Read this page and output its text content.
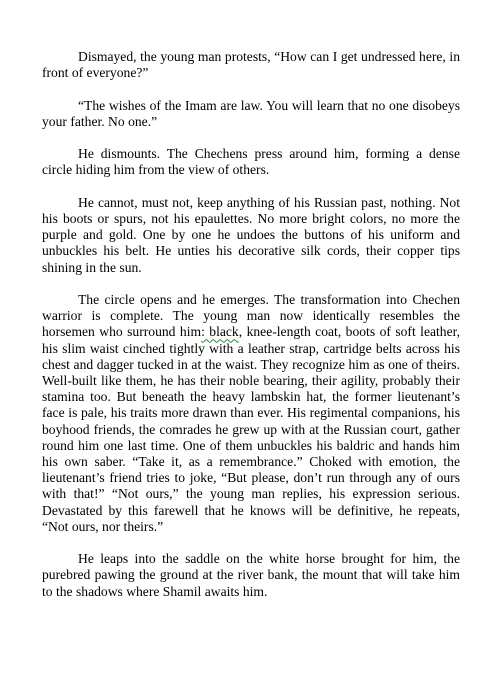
Dismayed, the young man protests, “How can I get undressed here, in front of everyone?”

“The wishes of the Imam are law. You will learn that no one disobeys your father. No one.”

He dismounts. The Chechens press around him, forming a dense circle hiding him from the view of others.

He cannot, must not, keep anything of his Russian past, nothing. Not his boots or spurs, not his epaulettes. No more bright colors, no more the purple and gold. One by one he undoes the buttons of his uniform and unbuckles his belt. He unties his decorative silk cords, their copper tips shining in the sun.

The circle opens and he emerges. The transformation into Chechen warrior is complete. The young man now identically resembles the horsemen who surround him: black, knee-length coat, boots of soft leather, his slim waist cinched tightly with a leather strap, cartridge belts across his chest and dagger tucked in at the waist. They recognize him as one of theirs. Well-built like them, he has their noble bearing, their agility, probably their stamina too. But beneath the heavy lambskin hat, the former lieutenant’s face is pale, his traits more drawn than ever. His regimental companions, his boyhood friends, the comrades he grew up with at the Russian court, gather round him one last time. One of them unbuckles his baldric and hands him his own saber. “Take it, as a remembrance.” Choked with emotion, the lieutenant’s friend tries to joke, “But please, don’t run through any of ours with that!” “Not ours,” the young man replies, his expression serious. Devastated by this farewell that he knows will be definitive, he repeats, “Not ours, nor theirs.”

He leaps into the saddle on the white horse brought for him, the purebred pawing the ground at the river bank, the mount that will take him to the shadows where Shamil awaits him.
